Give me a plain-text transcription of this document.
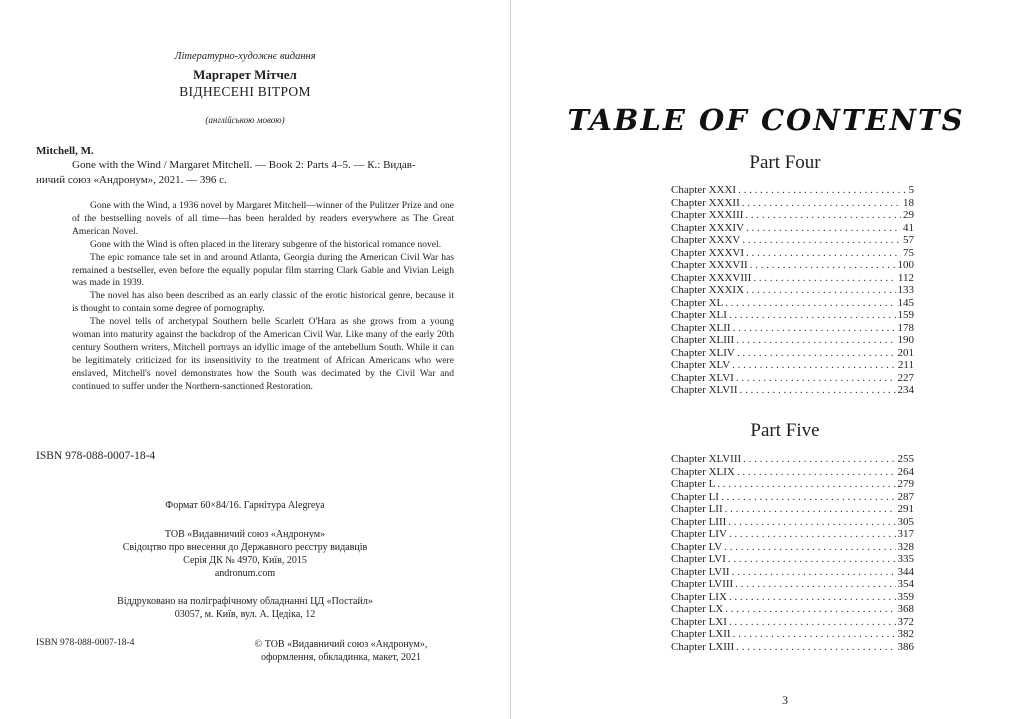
Літературно-художнє видання
Маргарет Мітчел
ВІДНЕСЕНІ ВІТРОМ
(англійською мовою)
Mitchell, M.
Gone with the Wind / Margaret Mitchell. — Book 2: Parts 4–5. — К.: Видав-

ничий союз «Андронум», 2021. — 396 с.

Gone with the Wind, a 1936 novel by Margaret Mitchell—winner of the Pulitzer Prize and one of the bestselling novels of all time—has been heralded by readers everywhere as The Great American Novel.

Gone with the Wind is often placed in the literary subgenre of the historical romance novel.

The epic romance tale set in and around Atlanta, Georgia during the American Civil War has remained a bestseller, even before the equally popular film starring Clark Gable and Vivian Leigh was made in 1939.

The novel has also been described as an early classic of the erotic historical genre, because it is thought to contain some degree of pornography.

The novel tells of archetypal Southern belle Scarlett O'Hara as she grows from a young woman into maturity against the backdrop of the American Civil War. Like many of the early 20th century Southern writers, Mitchell portrays an idyllic image of the antebellum South. While it can be legitimately criticized for its insensitivity to the treatment of African Americans who were enslaved, Mitchell's novel demonstrates how the South was decimated by the Civil War and continued to suffer under the Northern-sanctioned Restoration.

ISBN 978-088-0007-18-4
Формат 60×84/16. Гарнітура Alegreya
ТОВ «Видавничий союз «Андронум»
Свідоцтво про внесення до Державного реєстру видавців
Серія ДК № 4970, Київ, 2015
andronum.com
Віддруковано на поліграфічному обладнанні ЦД «Постайл»
03057, м. Київ, вул. А. Цедіка, 12
ISBN 978-088-0007-18-4	© ТОВ «Видавничий союз «Андронум»,
оформлення, обкладинка, макет, 2021
TABLE OF CONTENTS
Part Four
Chapter XXXI . . .	5
Chapter XXXII . . .	18
Chapter XXXIII . . .	29
Chapter XXXIV . . .	41
Chapter XXXV . . .	57
Chapter XXXVI . . .	75
Chapter XXXVII . . .	100
Chapter XXXVIII . . .	112
Chapter XXXIX . . .	133
Chapter XL . . .	145
Chapter XLI . . .	159
Chapter XLII . . .	178
Chapter XLIII . . .	190
Chapter XLIV . . .	201
Chapter XLV . . .	211
Chapter XLVI . . .	227
Chapter XLVII . . .	234
Part Five
Chapter XLVIII . . .	255
Chapter XLIX . . .	264
Chapter L . . .	279
Chapter LI . . .	287
Chapter LII . . .	291
Chapter LIII . . .	305
Chapter LIV . . .	317
Chapter LV . . .	328
Chapter LVI . . .	335
Chapter LVII . . .	344
Chapter LVIII . . .	354
Chapter LIX . . .	359
Chapter LX . . .	368
Chapter LXI . . .	372
Chapter LXII . . .	382
Chapter LXIII . . .	386
3
